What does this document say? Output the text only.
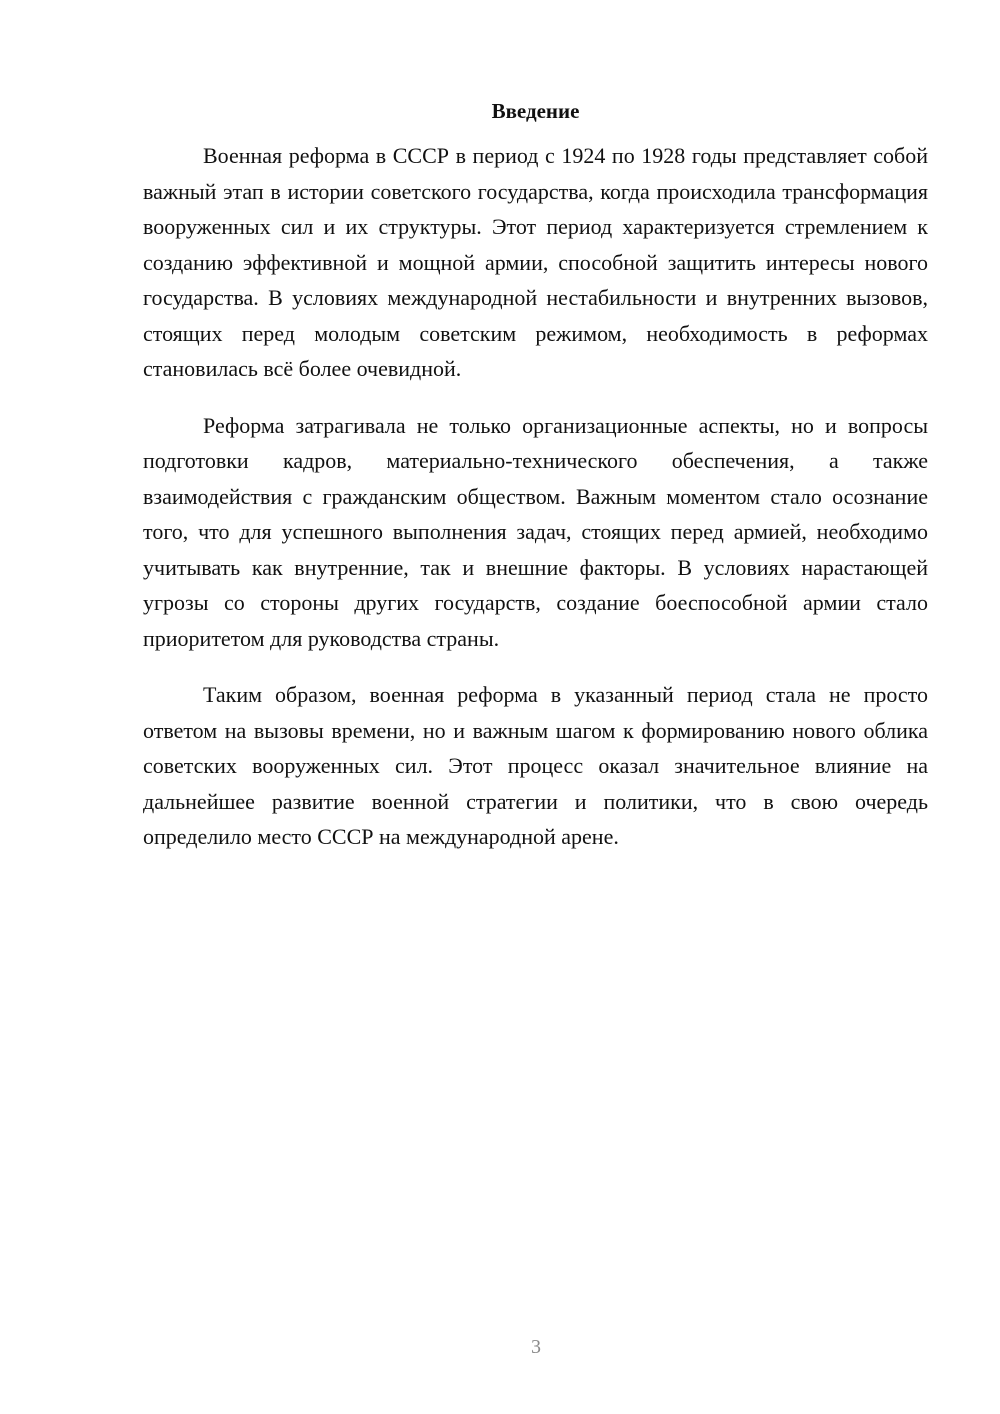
Введение

Военная реформа в СССР в период с 1924 по 1928 годы представляет собой важный этап в истории советского государства, когда происходила трансформация вооруженных сил и их структуры. Этот период характеризуется стремлением к созданию эффективной и мощной армии, способной защитить интересы нового государства. В условиях международной нестабильности и внутренних вызовов, стоящих перед молодым советским режимом, необходимость в реформах становилась всё более очевидной.

Реформа затрагивала не только организационные аспекты, но и вопросы подготовки кадров, материально-технического обеспечения, а также взаимодействия с гражданским обществом. Важным моментом стало осознание того, что для успешного выполнения задач, стоящих перед армией, необходимо учитывать как внутренние, так и внешние факторы. В условиях нарастающей угрозы со стороны других государств, создание боеспособной армии стало приоритетом для руководства страны.

Таким образом, военная реформа в указанный период стала не просто ответом на вызовы времени, но и важным шагом к формированию нового облика советских вооруженных сил. Этот процесс оказал значительное влияние на дальнейшее развитие военной стратегии и политики, что в свою очередь определило место СССР на международной арене.

3
